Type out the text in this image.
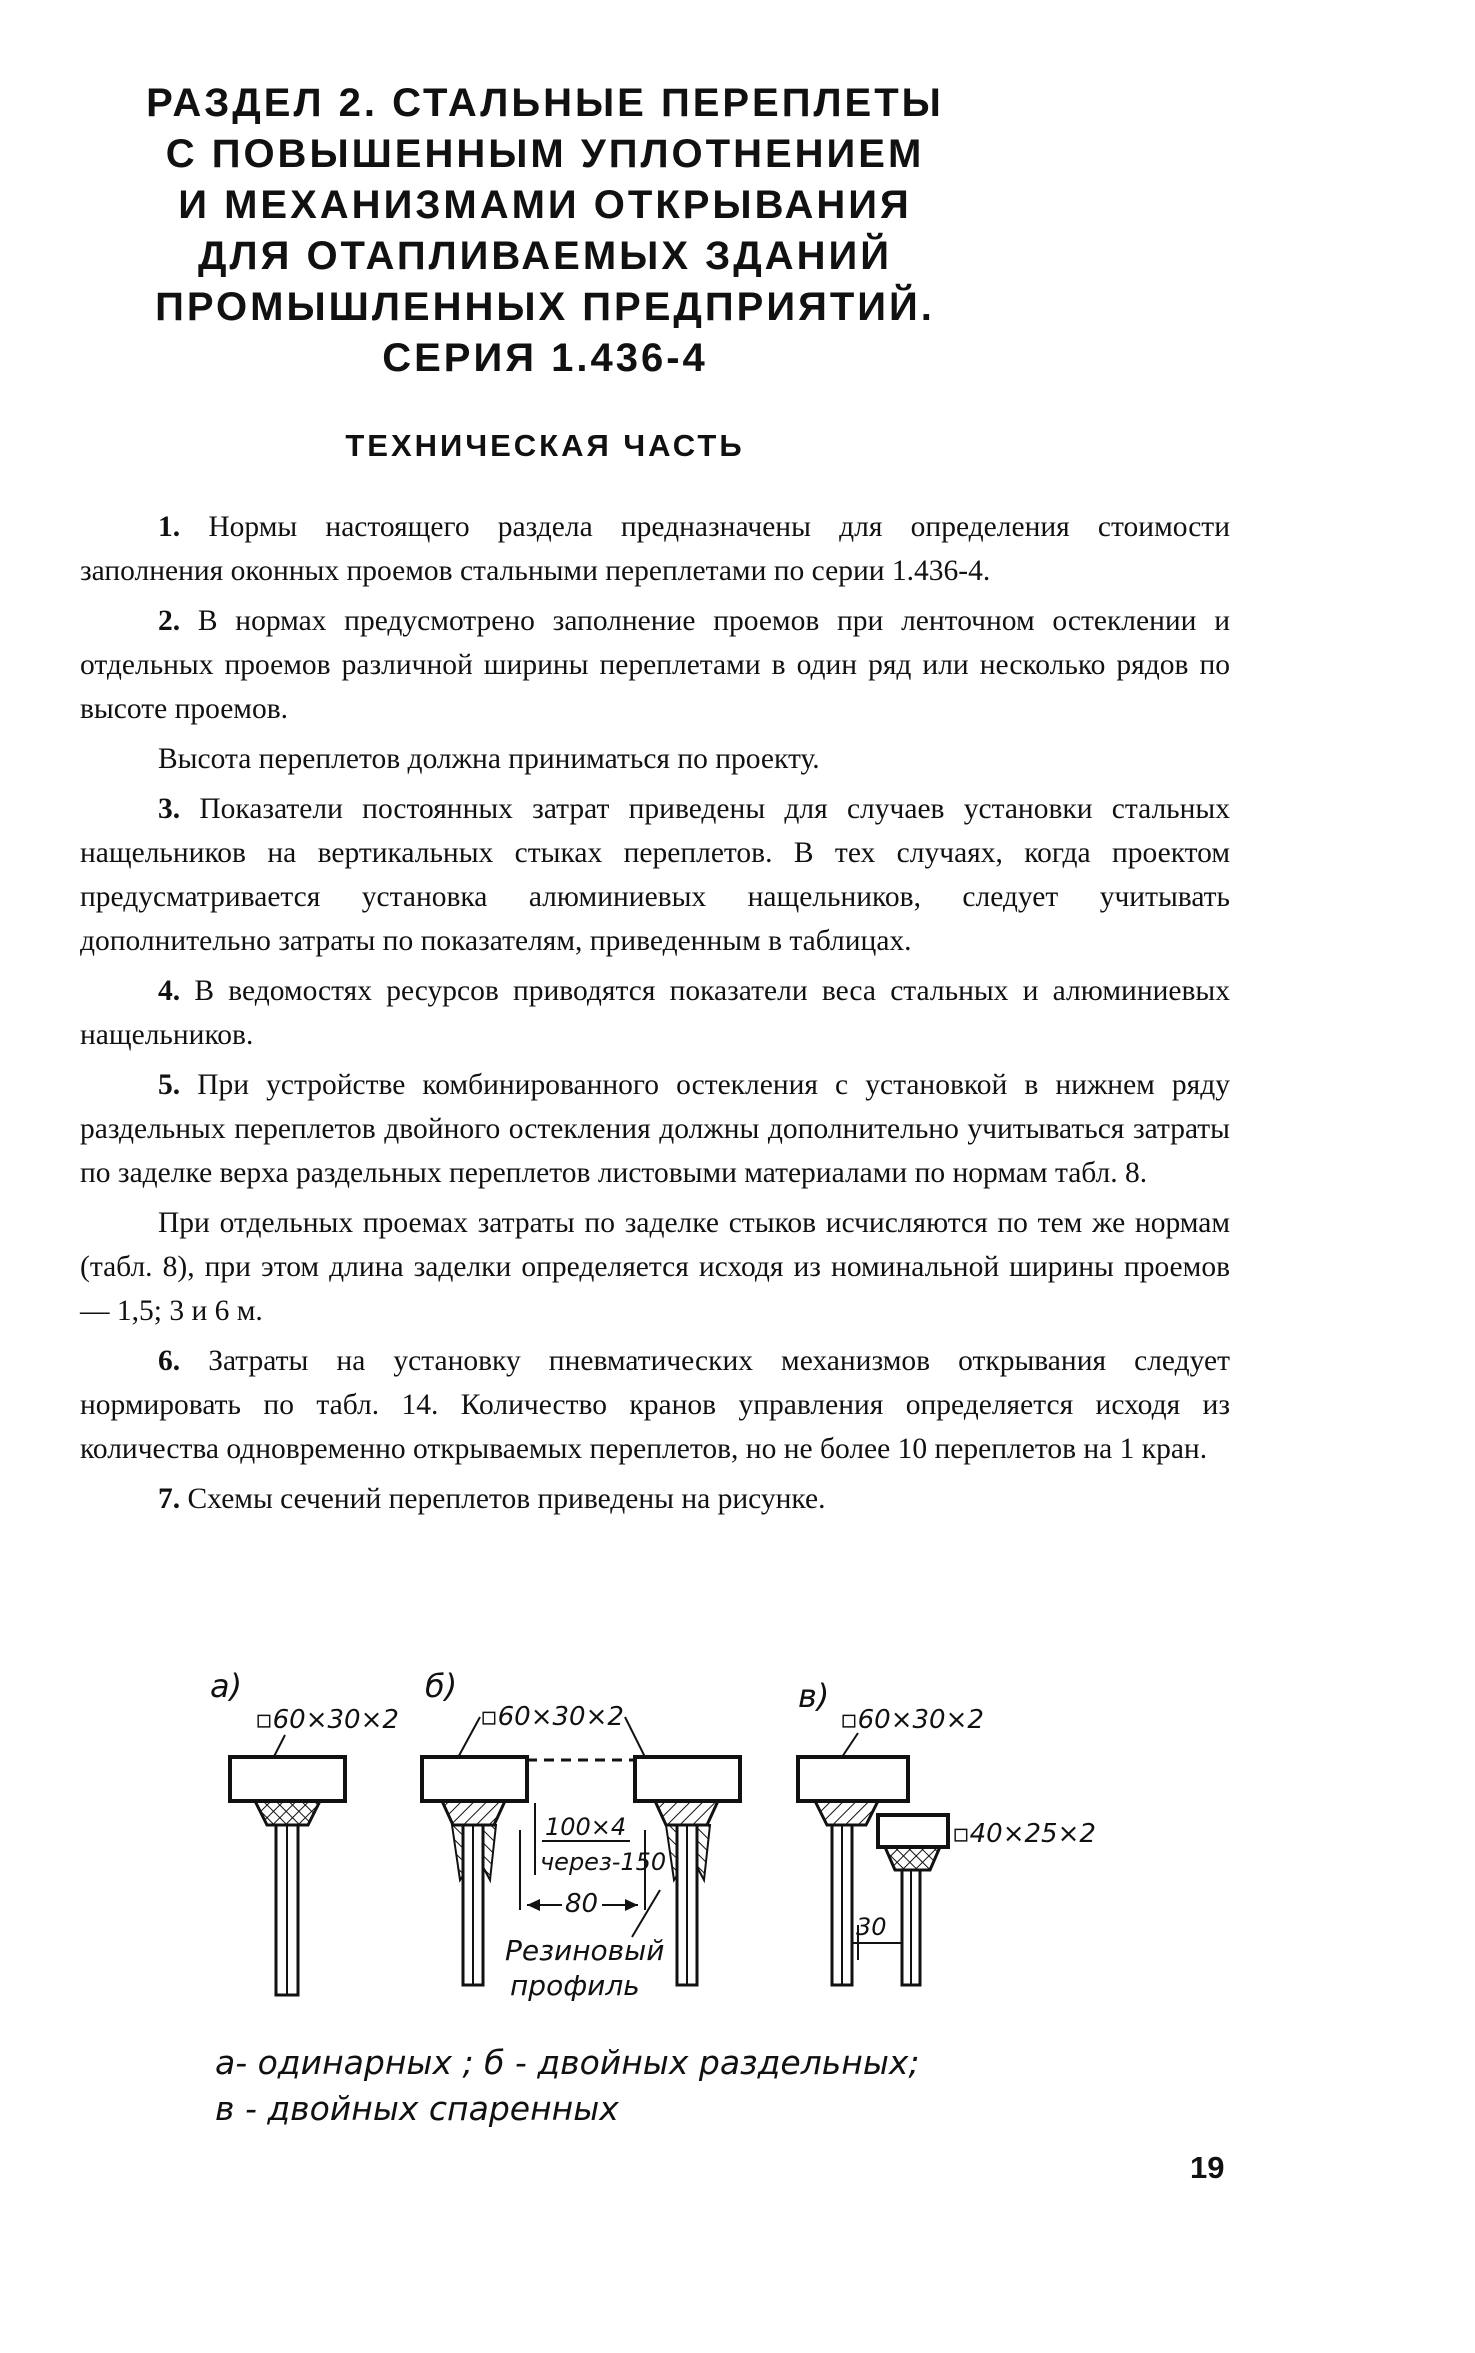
РАЗДЕЛ 2. СТАЛЬНЫЕ ПЕРЕПЛЕТЫ
С ПОВЫШЕННЫМ УПЛОТНЕНИЕМ
И МЕХАНИЗМАМИ ОТКРЫВАНИЯ
ДЛЯ ОТАПЛИВАЕМЫХ ЗДАНИЙ
ПРОМЫШЛЕННЫХ ПРЕДПРИЯТИЙ.
СЕРИЯ 1.436-4
ТЕХНИЧЕСКАЯ ЧАСТЬ

1. Нормы настоящего раздела предназначены для определения стоимости заполнения оконных проемов стальными переплетами по серии 1.436-4.

2. В нормах предусмотрено заполнение проемов при ленточном остеклении и отдельных проемов различной ширины переплетами в один ряд или несколько рядов по высоте проемов.

Высота переплетов должна приниматься по проекту.

3. Показатели постоянных затрат приведены для случаев установки стальных нащельников на вертикальных стыках переплетов. В тех случаях, когда проектом предусматривается установка алюминиевых нащельников, следует учитывать дополнительно затраты по показателям, приведенным в таблицах.

4. В ведомостях ресурсов приводятся показатели веса стальных и алюминиевых нащельников.

5. При устройстве комбинированного остекления с установкой в нижнем ряду раздельных переплетов двойного остекления должны дополнительно учитываться затраты по заделке верха раздельных переплетов листовыми материалами по нормам табл. 8.

При отдельных проемах затраты по заделке стыков исчисляются по тем же нормам (табл. 8), при этом длина заделки определяется исходя из номинальной ширины проемов — 1,5; 3 и 6 м.

6. Затраты на установку пневматических механизмов открывания следует нормировать по табл. 14. Количество кранов управления определяется исходя из количества одновременно открываемых переплетов, но не более 10 переплетов на 1 кран.

7. Схемы сечений переплетов приведены на рисунке.

а)
▫60×30×2
б)
▫60×30×2
100×4
через-150
80
Резиновый
профиль
в)
▫60×30×2
▫40×25×2
30
а- одинарных ; б - двойных раздельных;
в - двойных спаренных
19
